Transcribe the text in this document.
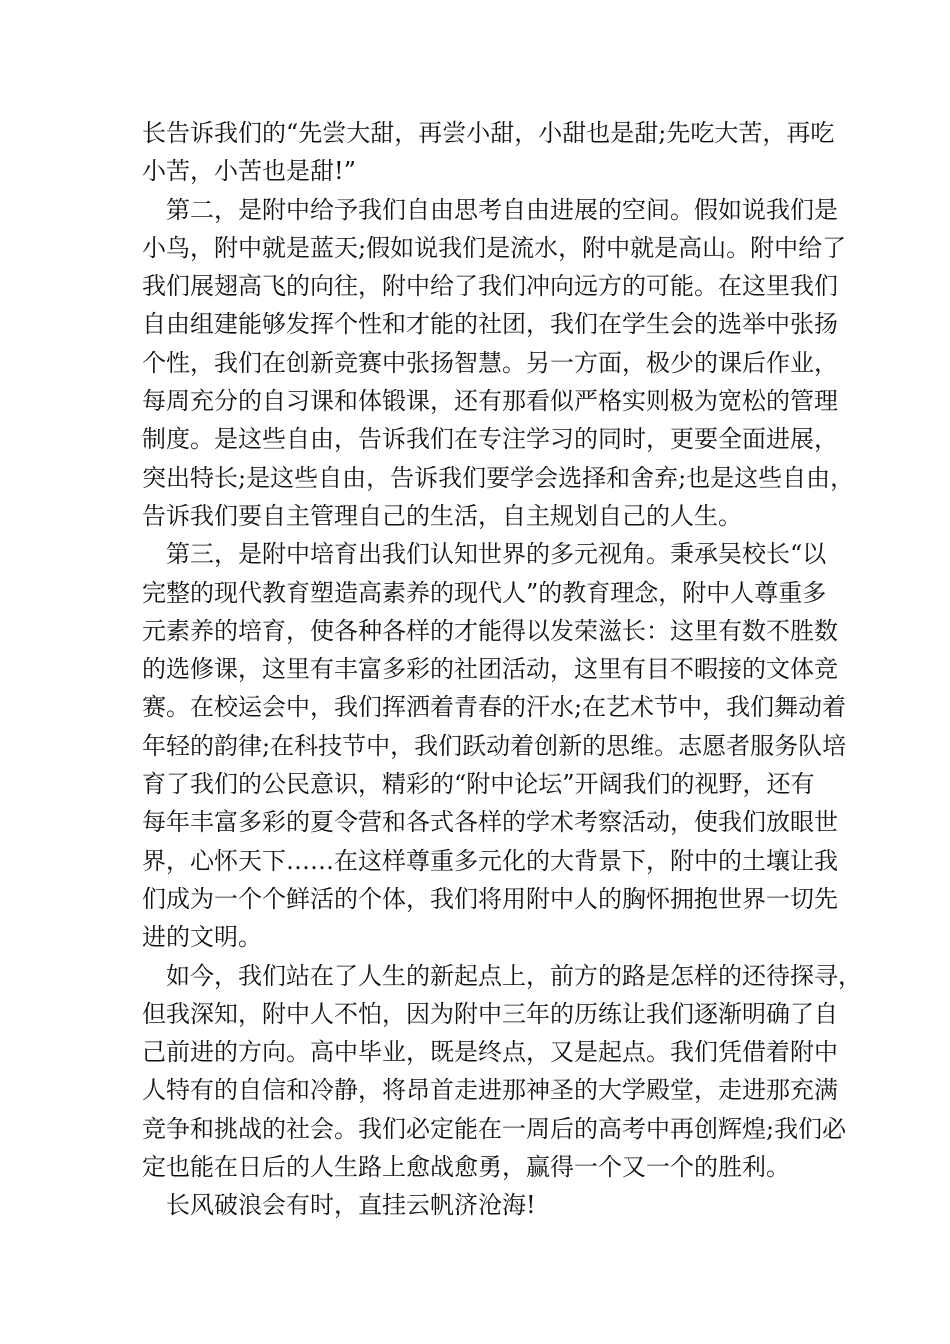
长告诉我们的“先尝大甜，再尝小甜，小甜也是甜;先吃大苦，再吃
小苦，小苦也是甜!”
第二，是附中给予我们自由思考自由进展的空间。假如说我们是
小鸟，附中就是蓝天;假如说我们是流水，附中就是高山。附中给了
我们展翅高飞的向往，附中给了我们冲向远方的可能。在这里我们
自由组建能够发挥个性和才能的社团，我们在学生会的选举中张扬
个性，我们在创新竞赛中张扬智慧。另一方面，极少的课后作业，
每周充分的自习课和体锻课，还有那看似严格实则极为宽松的管理
制度。是这些自由，告诉我们在专注学习的同时，更要全面进展，
突出特长;是这些自由，告诉我们要学会选择和舍弃;也是这些自由，
告诉我们要自主管理自己的生活，自主规划自己的人生。
第三，是附中培育出我们认知世界的多元视角。秉承吴校长“以
完整的现代教育塑造高素养的现代人”的教育理念，附中人尊重多
元素养的培育，使各种各样的才能得以发荣滋长：这里有数不胜数
的选修课，这里有丰富多彩的社团活动，这里有目不暇接的文体竞
赛。在校运会中，我们挥洒着青春的汗水;在艺术节中，我们舞动着
年轻的韵律;在科技节中，我们跃动着创新的思维。志愿者服务队培
育了我们的公民意识，精彩的“附中论坛”开阔我们的视野，还有
每年丰富多彩的夏令营和各式各样的学术考察活动，使我们放眼世
界，心怀天下……在这样尊重多元化的大背景下，附中的土壤让我
们成为一个个鲜活的个体，我们将用附中人的胸怀拥抱世界一切先
进的文明。
如今，我们站在了人生的新起点上，前方的路是怎样的还待探寻，
但我深知，附中人不怕，因为附中三年的历练让我们逐渐明确了自
己前进的方向。高中毕业，既是终点，又是起点。我们凭借着附中
人特有的自信和冷静，将昂首走进那神圣的大学殿堂，走进那充满
竞争和挑战的社会。我们必定能在一周后的高考中再创辉煌;我们必
定也能在日后的人生路上愈战愈勇，赢得一个又一个的胜利。
长风破浪会有时，直挂云帆济沧海!
